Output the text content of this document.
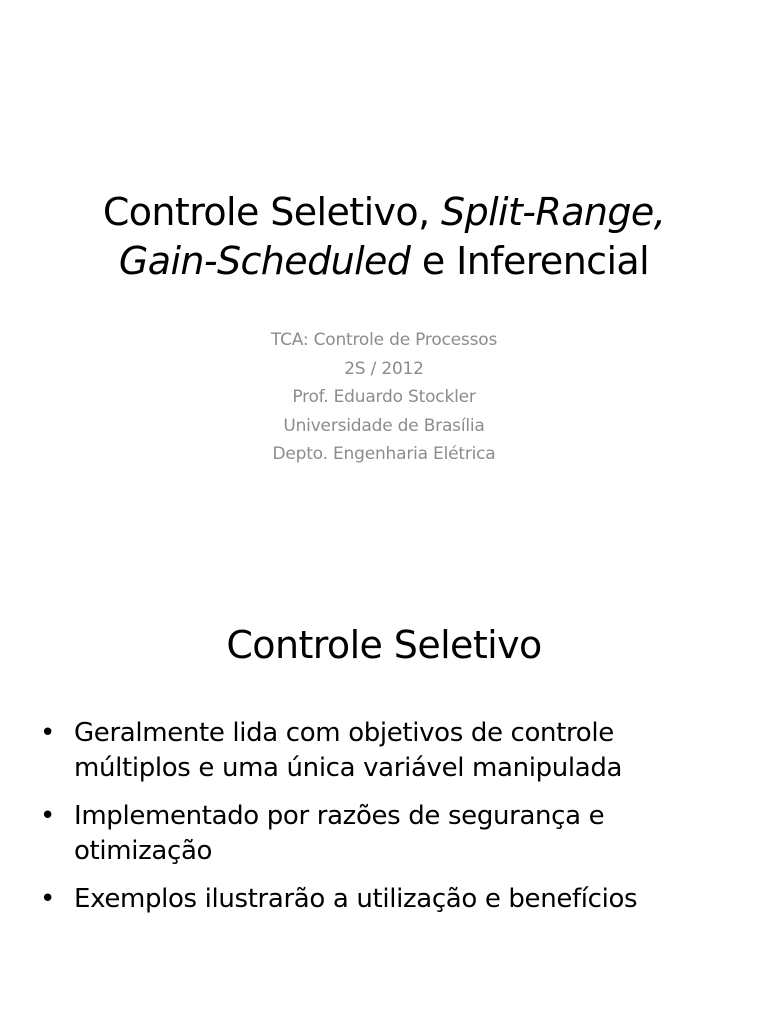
Controle Seletivo, Split-Range,
Gain-Scheduled e Inferencial
TCA: Controle de Processos
2S / 2012
Prof. Eduardo Stockler
Universidade de Brasília
Depto. Engenharia Elétrica
Controle Seletivo
• Geralmente lida com objetivos de controle
múltiplos e uma única variável manipulada
• Implementado por razões de segurança e
otimização
• Exemplos ilustrarão a utilização e benefícios
